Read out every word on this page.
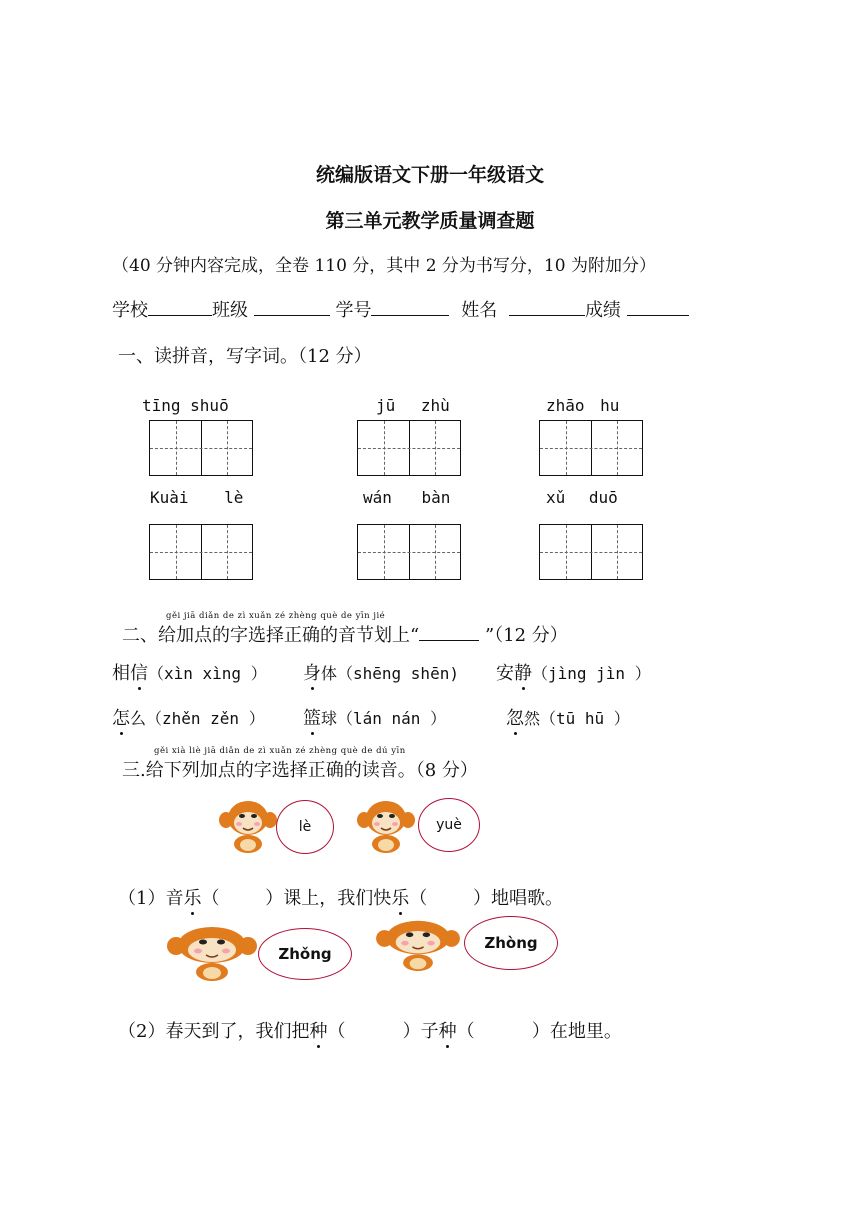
统编版语文下册一年级语文
第三单元教学质量调查题
（40 分钟内容完成，全卷 110 分，其中 2 分为书写分，10 为附加分）
学校	班级	学号	姓名	成绩
一、读拼音，写字词。（12 分）
tīng shuō	jū zhù	zhāo hu
Kuài lè	wán bàn	xǔ duō
gěi jiā diǎn de zì xuǎn zé zhèng què de yīn jié
二、给加点的字选择正确的音节划上“	”（12 分）
相信（xìn xìng ） 身体（shēng shēn) 安静（jìng jìn ）
怎么（zhěn zěn ） 篮球（lán nán ）	忽然（tū hū ）
gěi xià liè jiā diǎn de zì xuǎn zé zhèng què de dú yīn
三.给下列加点的字选择正确的读音。（8 分）
lè	yuè
（1）音乐（        ）课上，我们快乐（        ）地唱歌。
Zhǒng
Zhòng
（2）春天到了，我们把种（          ）子种（          ）在地里。
